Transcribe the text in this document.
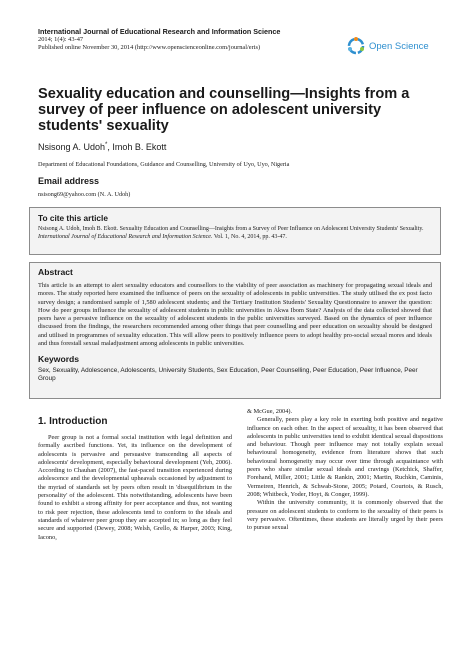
International Journal of Educational Research and Information Science
2014; 1(4): 43-47
Published online November 30, 2014 (http://www.openscienceonline.com/journal/eris)	Open Science
Sexuality education and counselling—Insights from a survey of peer influence on adolescent university students' sexuality
Nsisong A. Udoh*, Imoh B. Ekott
Department of Educational Foundations, Guidance and Counselling, University of Uyo, Uyo, Nigeria
Email address
nsisong69@yahoo.com (N. A. Udoh)
To cite this article
Nsisong A. Udoh, Imoh B. Ekott. Sexuality Education and Counselling—Insights from a Survey of Peer Influence on Adolescent University Students' Sexuality. International Journal of Educational Research and Information Science. Vol. 1, No. 4, 2014, pp. 43-47.
Abstract
This article is an attempt to alert sexuality educators and counsellors to the viability of peer association as machinery for propagating sexual ideals and mores. The study reported here examined the influence of peers on the sexuality of adolescents in public universities. The study utilised the ex post facto survey design; a randomised sample of 1,580 adolescent students; and the Tertiary Institution Students' Sexuality Questionnaire to answer the question: How do peer groups influence the sexuality of adolescent students in public universities in Akwa Ibom State? Analysis of the data collected showed that peers have a pervasive influence on the sexuality of adolescent students in the public universities surveyed. Based on the dynamics of peer influence discussed from the findings, the researchers recommended among other things that peer counselling and peer education on sexuality should be designed and utilised in programmes of sexuality education. This will allow peers to positively influence peers to adopt healthy pro-social sexual mores and ideals and thus forestall sexual maladjustment among adolescents in public universities.
Keywords
Sex, Sexuality, Adolescence, Adolescents, University Students, Sex Education, Peer Counselling, Peer Education, Peer Influence, Peer Group
1. Introduction

Peer group is not a formal social institution with legal definition and formally ascribed functions. Yet, its influence on the development of adolescents is pervasive and persuasive transcending all aspects of adolescents' development, especially behavioural development (Yeh, 2006). According to Chauhan (2007), the fast-paced transition experienced during adolescence and the developmental upheavals occasioned by adjustment to the myriad of standards set by peers often result in 'disequilibrium in the personality' of the adolescent. This notwithstanding, adolescents have been found to exhibit a strong affinity for peer acceptance and thus, not wanting to risk peer rejection, these adolescents tend to conform to the ideals and standards of whatever peer group they are accepted in; so long as they feel secure and supported (Dewey, 2008; Welsh, Grello, & Harper, 2003; King, Iacono,

& McGue, 2004).

Generally, peers play a key role in exerting both positive and negative influence on each other. In the aspect of sexuality, it has been observed that adolescents in public universities tend to exhibit identical sexual dispositions and behaviour. Though peer influence may not totally explain sexual behavioural homogeneity, evidence from literature shows that such behavioural homogeneity may occur over time through acquaintance with peers who share similar sexual ideals and cravings (Ketchick, Shaffer, Forehand, Miller, 2001; Little & Rankin, 2001; Martin, Ruchkin, Caminis, Vermeiren, Henrich, & Schwab-Stone, 2005; Potard, Courtois, & Rusch, 2008; Whitbeck, Yoder, Hoyt, & Conger, 1999).

Within the university community, it is commonly observed that the pressure on adolescent students to conform to the sexuality of their peers is very pervasive. Oftentimes, these students are literally urged by their peers to pursue sexual
